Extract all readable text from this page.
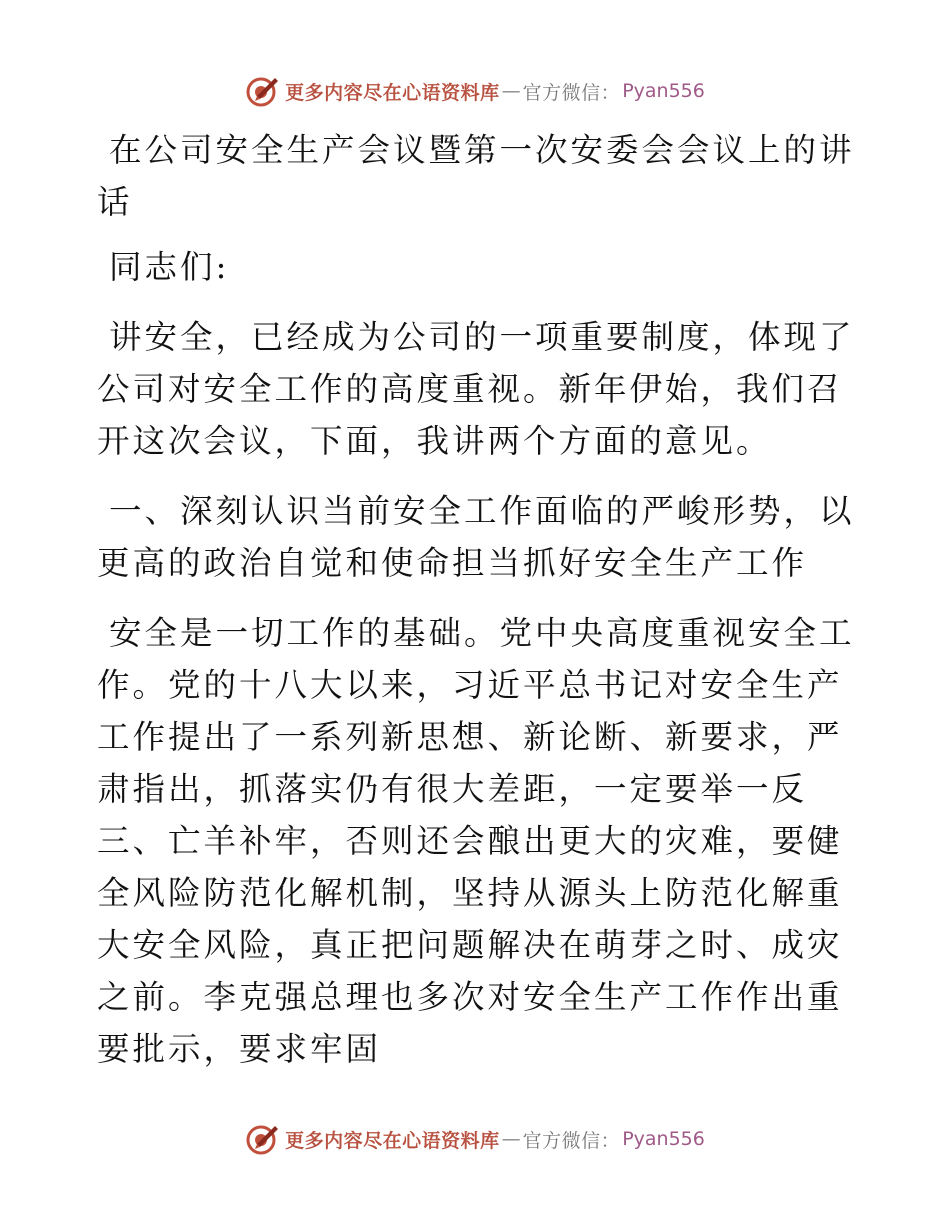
更多内容尽在心语资料库 — 官方微信： Pyan556

在公司安全生产会议暨第一次安委会会议上的讲话

同志们:

讲安全，已经成为公司的一项重要制度，体现了公司对安全工作的高度重视。新年伊始，我们召开这次会议，下面，我讲两个方面的意见。

一、深刻认识当前安全工作面临的严峻形势，以更高的政治自觉和使命担当抓好安全生产工作

安全是一切工作的基础。党中央高度重视安全工作。党的十八大以来，习近平总书记对安全生产工作提出了一系列新思想、新论断、新要求，严肃指出，抓落实仍有很大差距，一定要举一反三、亡羊补牢，否则还会酿出更大的灾难，要健全风险防范化解机制，坚持从源头上防范化解重大安全风险，真正把问题解决在萌芽之时、成灾之前。李克强总理也多次对安全生产工作作出重要批示，要求牢固

更多内容尽在心语资料库 — 官方微信： Pyan556
